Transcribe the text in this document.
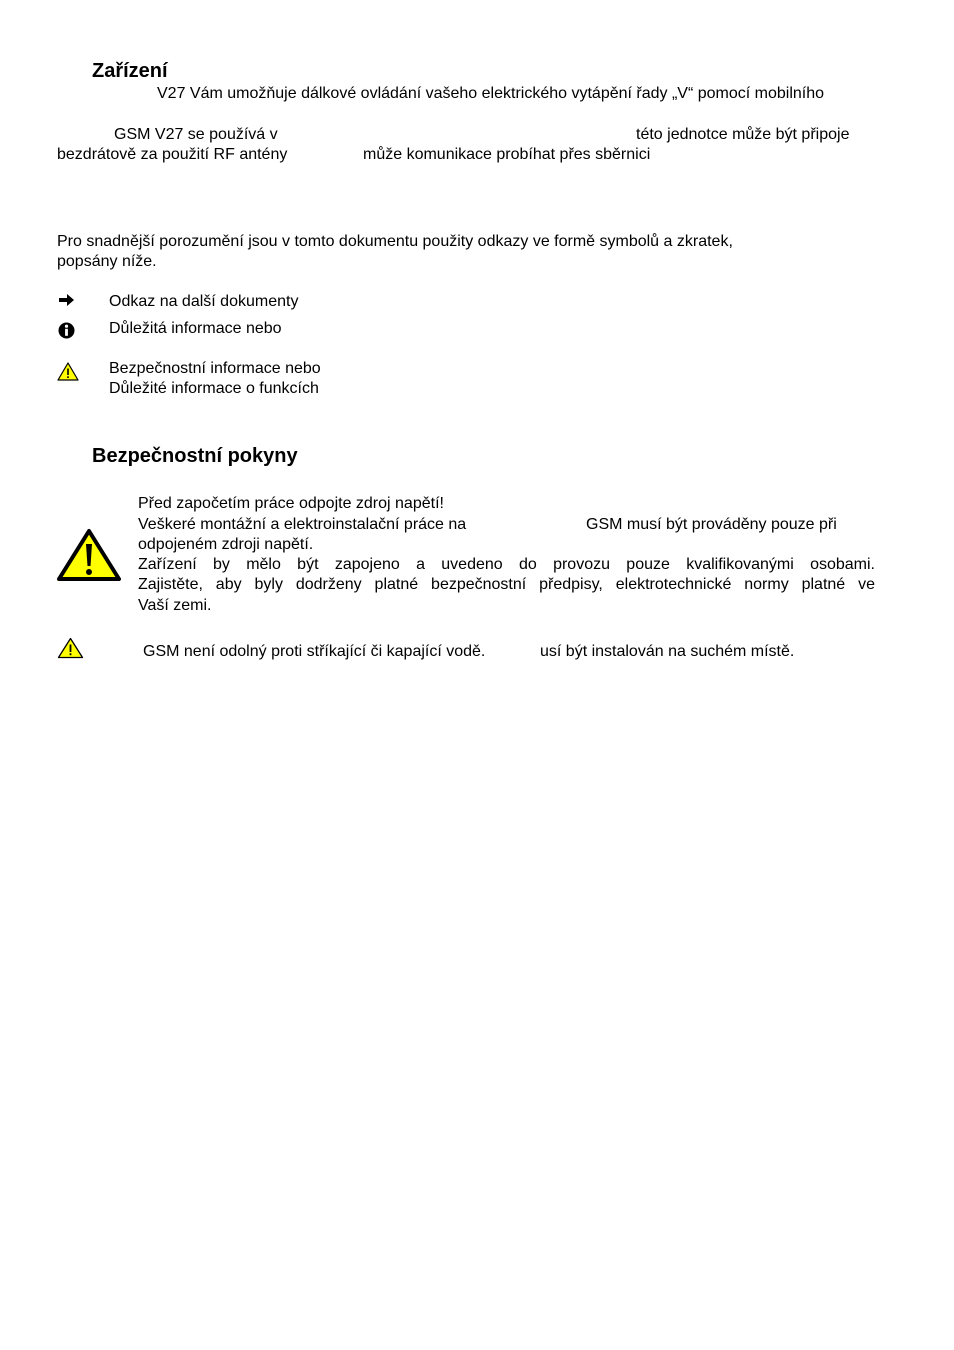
Zařízení
V27 Vám umožňuje dálkové ovládání vašeho elektrického vytápění řady „V“ pomocí mobilního
GSM V27 se používá v	této jednotce může být připoje
bezdrátově za použití RF antény	může komunikace probíhat přes sběrnici
Pro snadnější porozumění jsou v tomto dokumentu použity odkazy ve formě symbolů a zkratek,
popsány níže.
Odkaz na další dokumenty
Důležitá informace nebo
Bezpečnostní informace nebo
Důležité informace o funkcích
Bezpečnostní pokyny
Před započetím práce odpojte zdroj napětí!
Veškeré montážní a elektroinstalační práce na	GSM musí být prováděny pouze při
odpojeném zdroji napětí.
Zařízení by mělo být zapojeno a uvedeno do provozu pouze kvalifikovanými osobami.
Zajistěte, aby byly dodrženy platné bezpečnostní předpisy, elektrotechnické normy platné ve
Vaší zemi.
GSM není odolný proti stříkající či kapající vodě.	usí být instalován na suchém místě.
